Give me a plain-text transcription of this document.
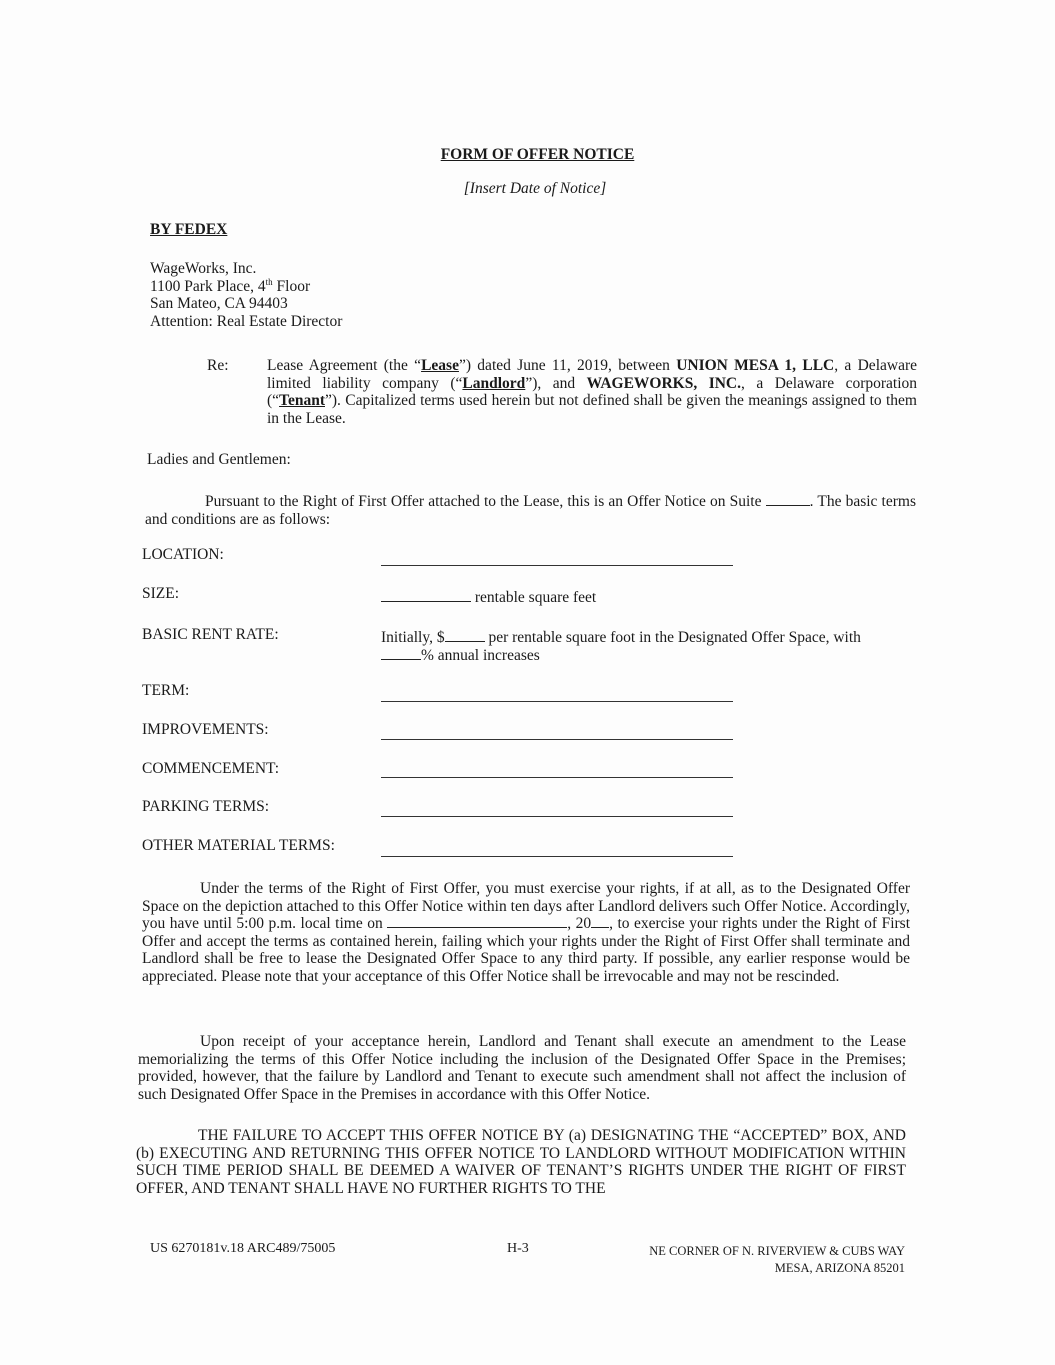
FORM OF OFFER NOTICE
[Insert Date of Notice]
BY FEDEX
WageWorks, Inc.
1100 Park Place, 4th Floor
San Mateo, CA 94403
Attention: Real Estate Director
Re: Lease Agreement (the “Lease”) dated June 11, 2019, between UNION MESA 1, LLC, a Delaware limited liability company (“Landlord”), and WAGEWORKS, INC., a Delaware corporation (“Tenant”). Capitalized terms used herein but not defined shall be given the meanings assigned to them in the Lease.
Ladies and Gentlemen:
Pursuant to the Right of First Offer attached to the Lease, this is an Offer Notice on Suite	. The basic terms and conditions are as follows:
LOCATION:
SIZE:	rentable square feet
BASIC RENT RATE:	Initially, $	per rentable square foot in the Designated Offer Space, with
% annual increases
TERM:
IMPROVEMENTS:
COMMENCEMENT:
PARKING TERMS:
OTHER MATERIAL TERMS:
Under the terms of the Right of First Offer, you must exercise your rights, if at all, as to the Designated Offer Space on the depiction attached to this Offer Notice within ten days after Landlord delivers such Offer Notice. Accordingly, you have until 5:00 p.m. local time on	, 20 , to exercise your rights under the Right of First Offer and accept the terms as contained herein, failing which your rights under the Right of First Offer shall terminate and Landlord shall be free to lease the Designated Offer Space to any third party. If possible, any earlier response would be appreciated. Please note that your acceptance of this Offer Notice shall be irrevocable and may not be rescinded.
Upon receipt of your acceptance herein, Landlord and Tenant shall execute an amendment to the Lease memorializing the terms of this Offer Notice including the inclusion of the Designated Offer Space in the Premises; provided, however, that the failure by Landlord and Tenant to execute such amendment shall not affect the inclusion of such Designated Offer Space in the Premises in accordance with this Offer Notice.
THE FAILURE TO ACCEPT THIS OFFER NOTICE BY (a) DESIGNATING THE “ACCEPTED” BOX, AND (b) EXECUTING AND RETURNING THIS OFFER NOTICE TO LANDLORD WITHOUT MODIFICATION WITHIN SUCH TIME PERIOD SHALL BE DEEMED A WAIVER OF TENANT’S RIGHTS UNDER THE RIGHT OF FIRST OFFER, AND TENANT SHALL HAVE NO FURTHER RIGHTS TO THE
US 6270181v.18 ARC489/75005	H-3	NE CORNER OF N. RIVERVIEW & CUBS WAY
MESA, ARIZONA 85201
